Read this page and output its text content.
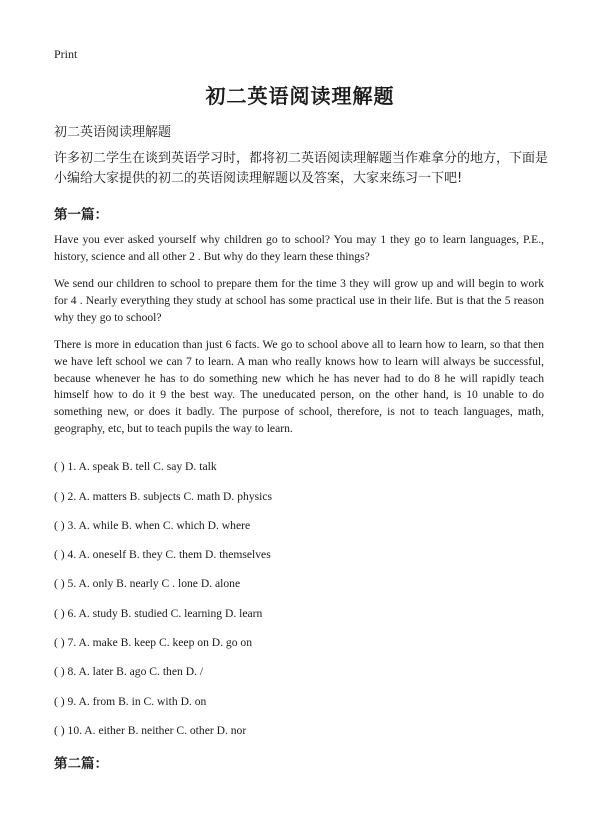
Print
初二英语阅读理解题
初二英语阅读理解题
许多初二学生在谈到英语学习时，都将初二英语阅读理解题当作难拿分的地方，下面是小编给大家提供的初二的英语阅读理解题以及答案，大家来练习一下吧!
第一篇：

Have you ever asked yourself why children go to school? You may 1 they go to learn languages, P.E., history, science and all other 2 . But why do they learn these things?

We send our children to school to prepare them for the time 3 they will grow up and will begin to work for 4 . Nearly everything they study at school has some practical use in their life. But is that the 5 reason why they go to school?

There is more in education than just 6 facts. We go to school above all to learn how to learn, so that then we have left school we can 7 to learn. A man who really knows how to learn will always be successful, because whenever he has to do something new which he has never had to do 8 he will rapidly teach himself how to do it 9 the best way. The uneducated person, on the other hand, is 10 unable to do something new, or does it badly. The purpose of school, therefore, is not to teach languages, math, geography, etc, but to teach pupils the way to learn.

( ) 1. A. speak B. tell C. say D. talk
( ) 2. A. matters B. subjects C. math D. physics
( ) 3. A. while B. when C. which D. where
( ) 4. A. oneself B. they C. them D. themselves
( ) 5. A. only B. nearly C . lone D. alone
( ) 6. A. study B. studied C. learning D. learn
( ) 7. A. make B. keep C. keep on D. go on
( ) 8. A. later B. ago C. then D. /
( ) 9. A. from B. in C. with D. on
( ) 10. A. either B. neither C. other D. nor
第二篇：
